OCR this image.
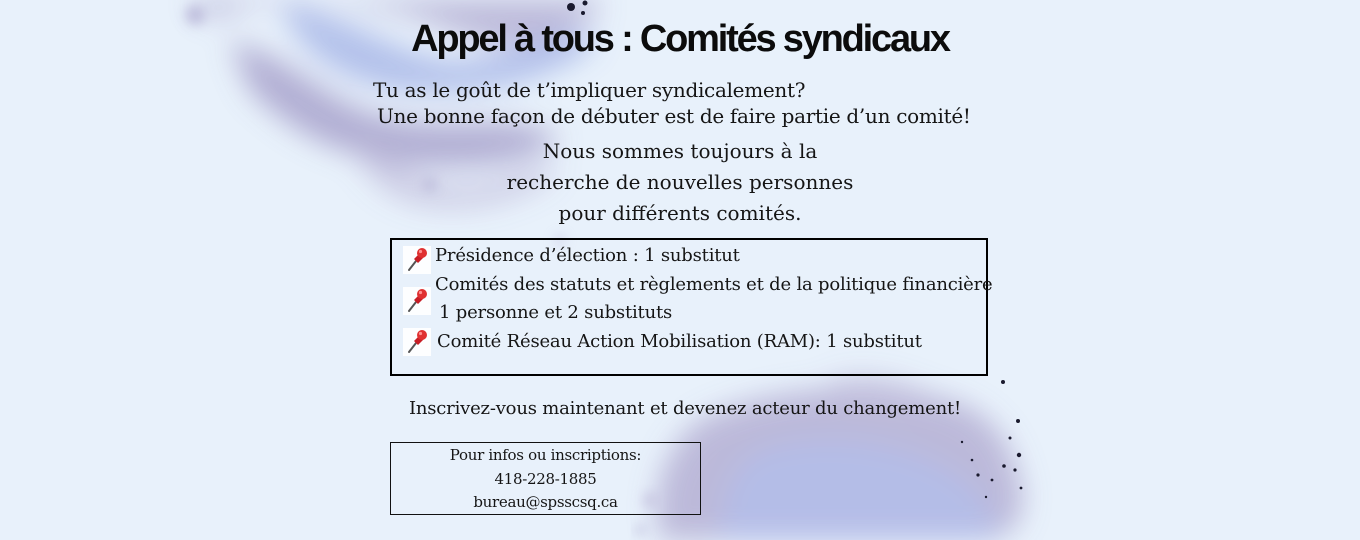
Appel à tous : Comités syndicaux
Tu as le goût de t’impliquer syndicalement?
Une bonne façon de débuter est de faire partie d’un comité!
Nous sommes toujours à la
recherche de nouvelles personnes
pour différents comités.
Présidence d’élection : 1 substitut
Comités des statuts et règlements et de la politique financière
1 personne et 2 substituts
Comité Réseau Action Mobilisation (RAM): 1 substitut
Inscrivez-vous maintenant et devenez acteur du changement!
Pour infos ou inscriptions:
418-228-1885
bureau@spsscsq.ca
